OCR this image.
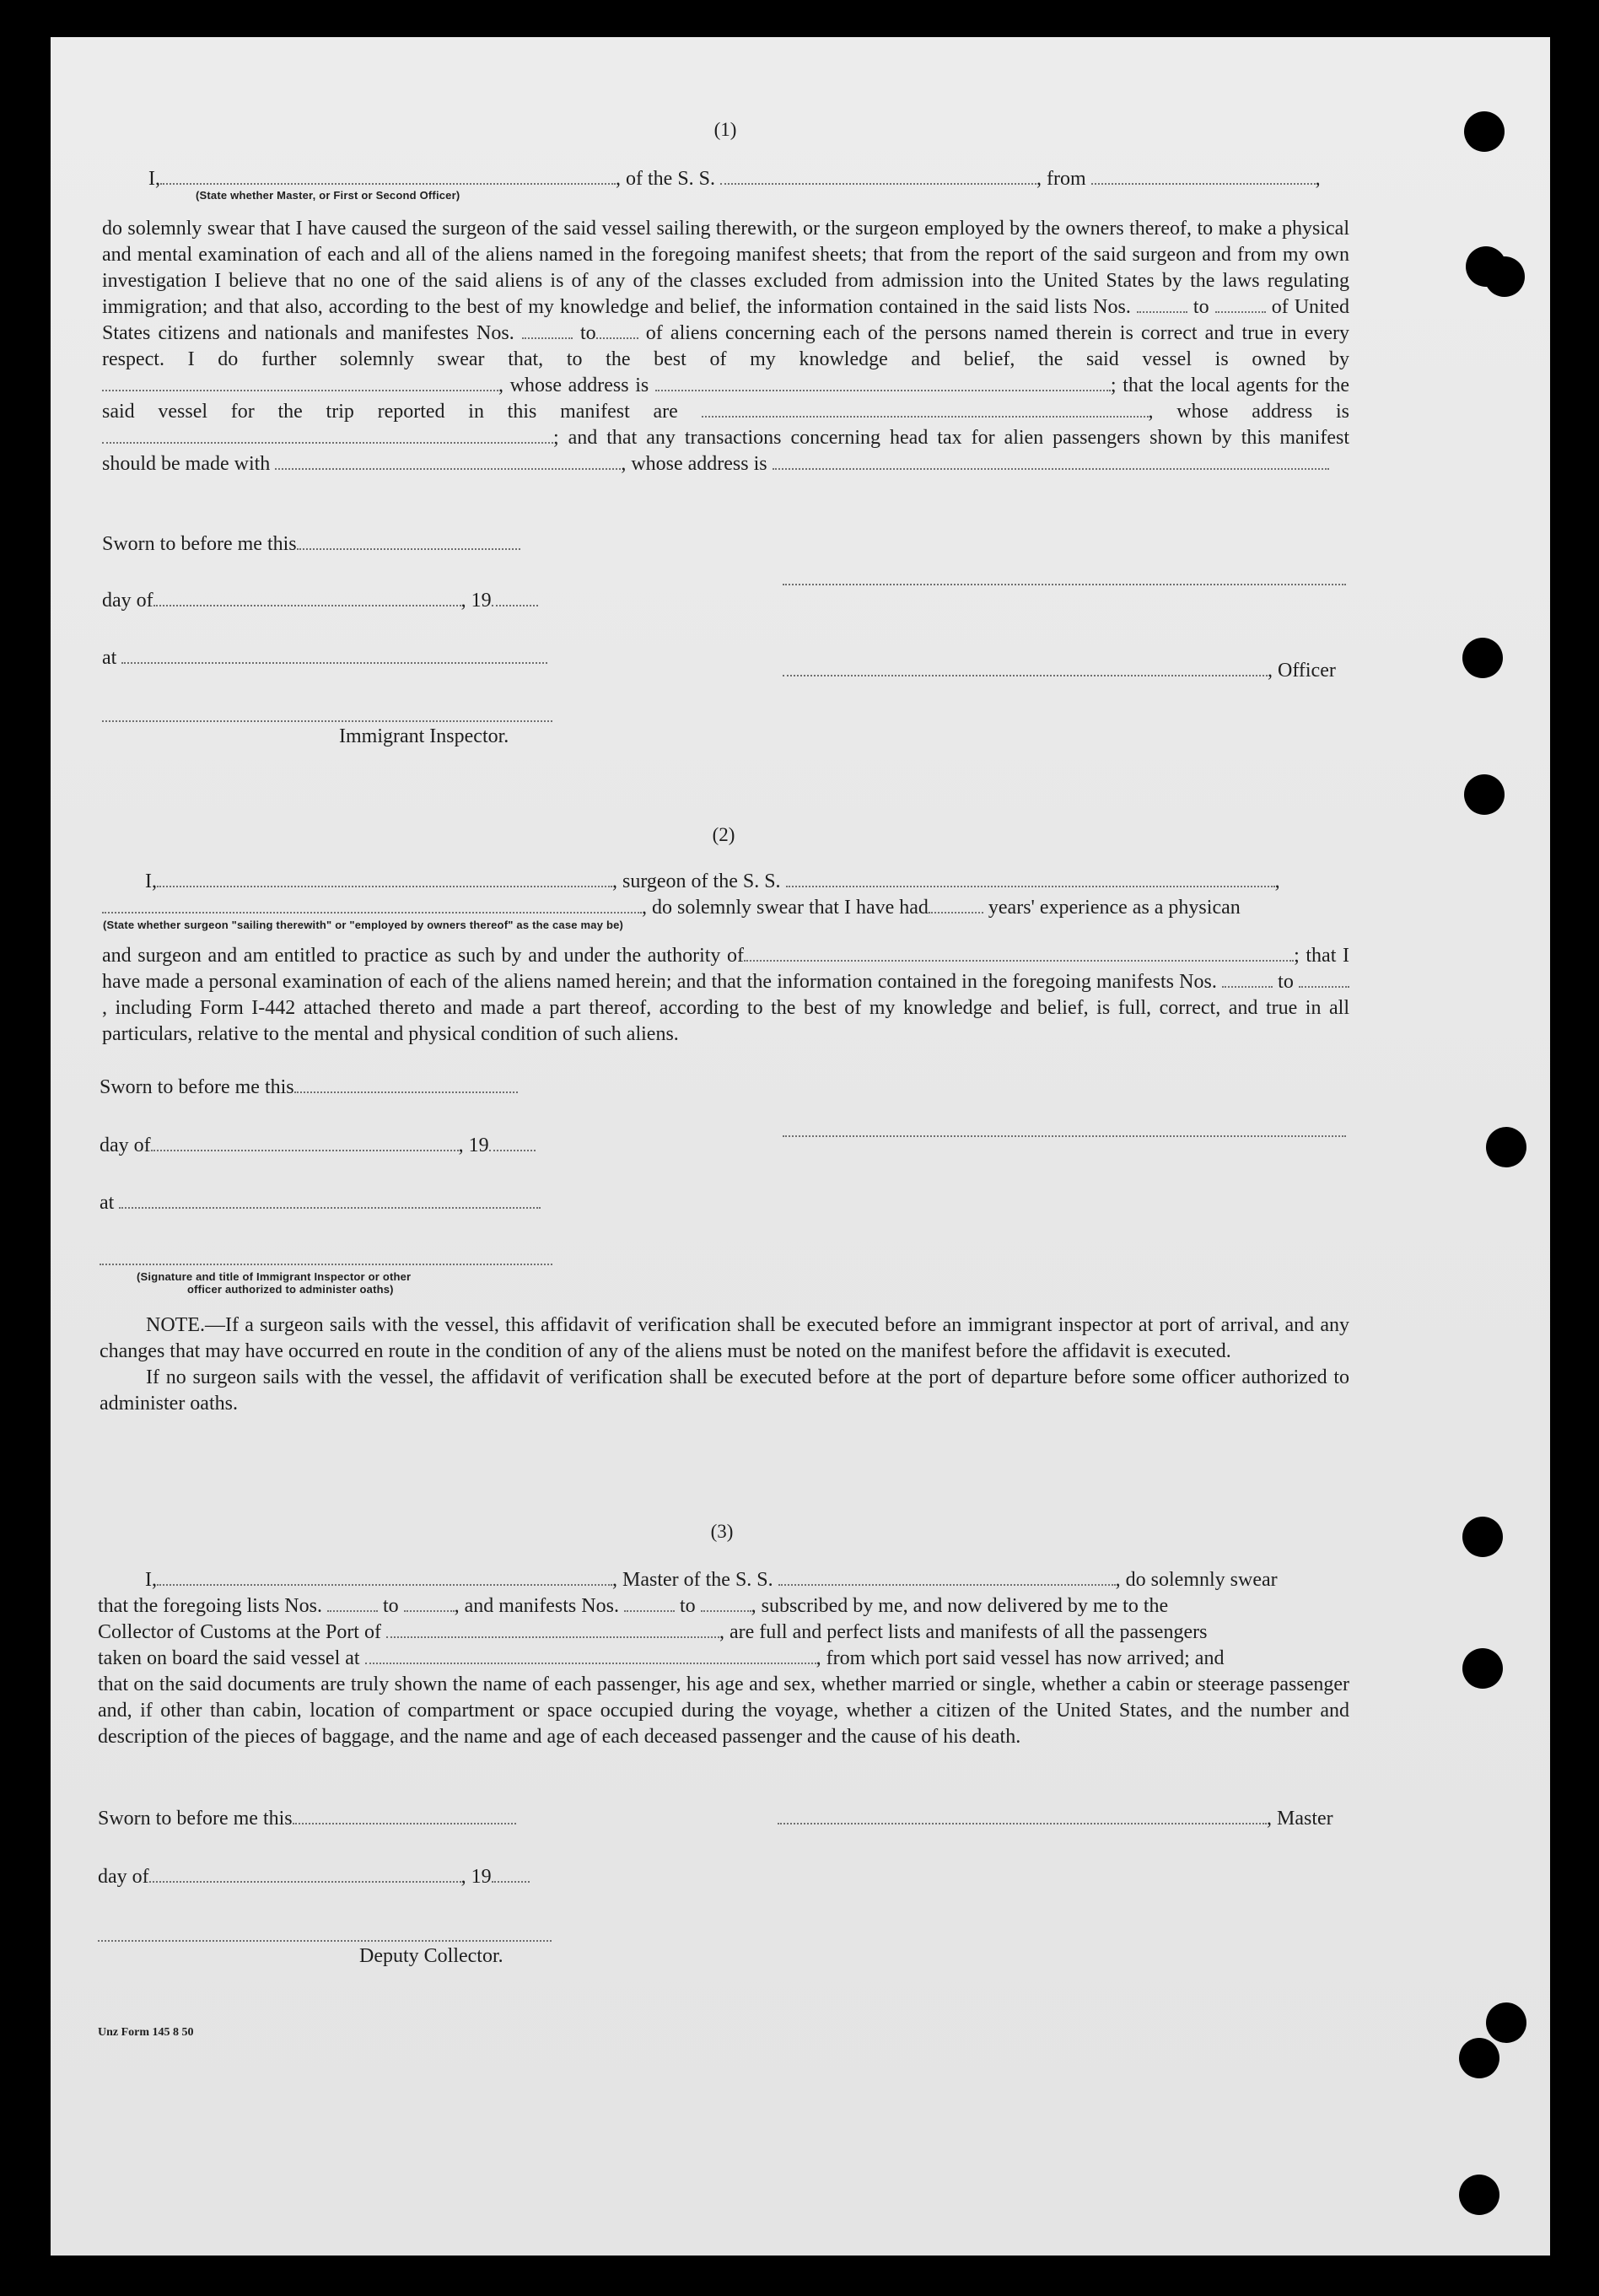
(1)
I,	, of the S. S.	, from	,
(State whether Master, or First or Second Officer)

do solemnly swear that I have caused the surgeon of the said vessel sailing therewith, or the surgeon employed by the owners thereof, to make a physical and mental examination of each and all of the aliens named in the foregoing manifest sheets; that from the report of the said surgeon and from my own investigation I believe that no one of the said aliens is of any of the classes excluded from admission into the United States by the laws regulating immigration; and that also, according to the best of my knowledge and belief, the information contained in the said lists Nos.	to	of United States citizens and nationals and manifestes Nos.	to of aliens concerning each of the persons named therein is correct and true in every respect. I do further solemnly swear that, to the best of my knowledge and belief, the said vessel is owned by , whose address is	; that the local agents for the said vessel for the trip reported in this manifest are	, whose address is ; and that any transactions concerning head tax for alien passengers shown by this manifest should be made with	, whose address is

Sworn to before me this
day of	, 19
at
, Officer
Immigrant Inspector.
(2)
I,	, surgeon of the S. S.	,
, do solemnly swear that I have had	years' experience as a physican
(State whether surgeon "sailing therewith" or "employed by owners thereof" as the case may be)

and surgeon and am entitled to practice as such by and under the authority of	; that I have made a personal examination of each of the aliens named herein; and that the information contained in the foregoing manifests Nos.	to , including Form I-442 attached thereto and made a part thereof, according to the best of my knowledge and belief, is full, correct, and true in all particulars, relative to the mental and physical condition of such aliens.

Sworn to before me this
day of	, 19
at
(Signature and title of Immigrant Inspector or other
officer authorized to administer oaths)

NOTE.—If a surgeon sails with the vessel, this affidavit of verification shall be executed before an immigrant inspector at port of arrival, and any changes that may have occurred en route in the condition of any of the aliens must be noted on the manifest before the affidavit is executed.

If no surgeon sails with the vessel, the affidavit of verification shall be executed before at the port of departure before some officer authorized to administer oaths.

(3)
I,	, Master of the S. S.	, do solemnly swear
that the foregoing lists Nos.	to	, and manifests Nos.	to	, subscribed by me, and now delivered by me to the
Collector of Customs at the Port of	, are full and perfect lists and manifests of all the passengers
taken on board the said vessel at	, from which port said vessel has now arrived; and

that on the said documents are truly shown the name of each passenger, his age and sex, whether married or single, whether a cabin or steerage passenger and, if other than cabin, location of compartment or space occupied during the voyage, whether a citizen of the United States, and the number and description of the pieces of baggage, and the name and age of each deceased passenger and the cause of his death.

Sworn to before me this	, Master
day of	, 19
Deputy Collector.
Unz Form 145 8 50
